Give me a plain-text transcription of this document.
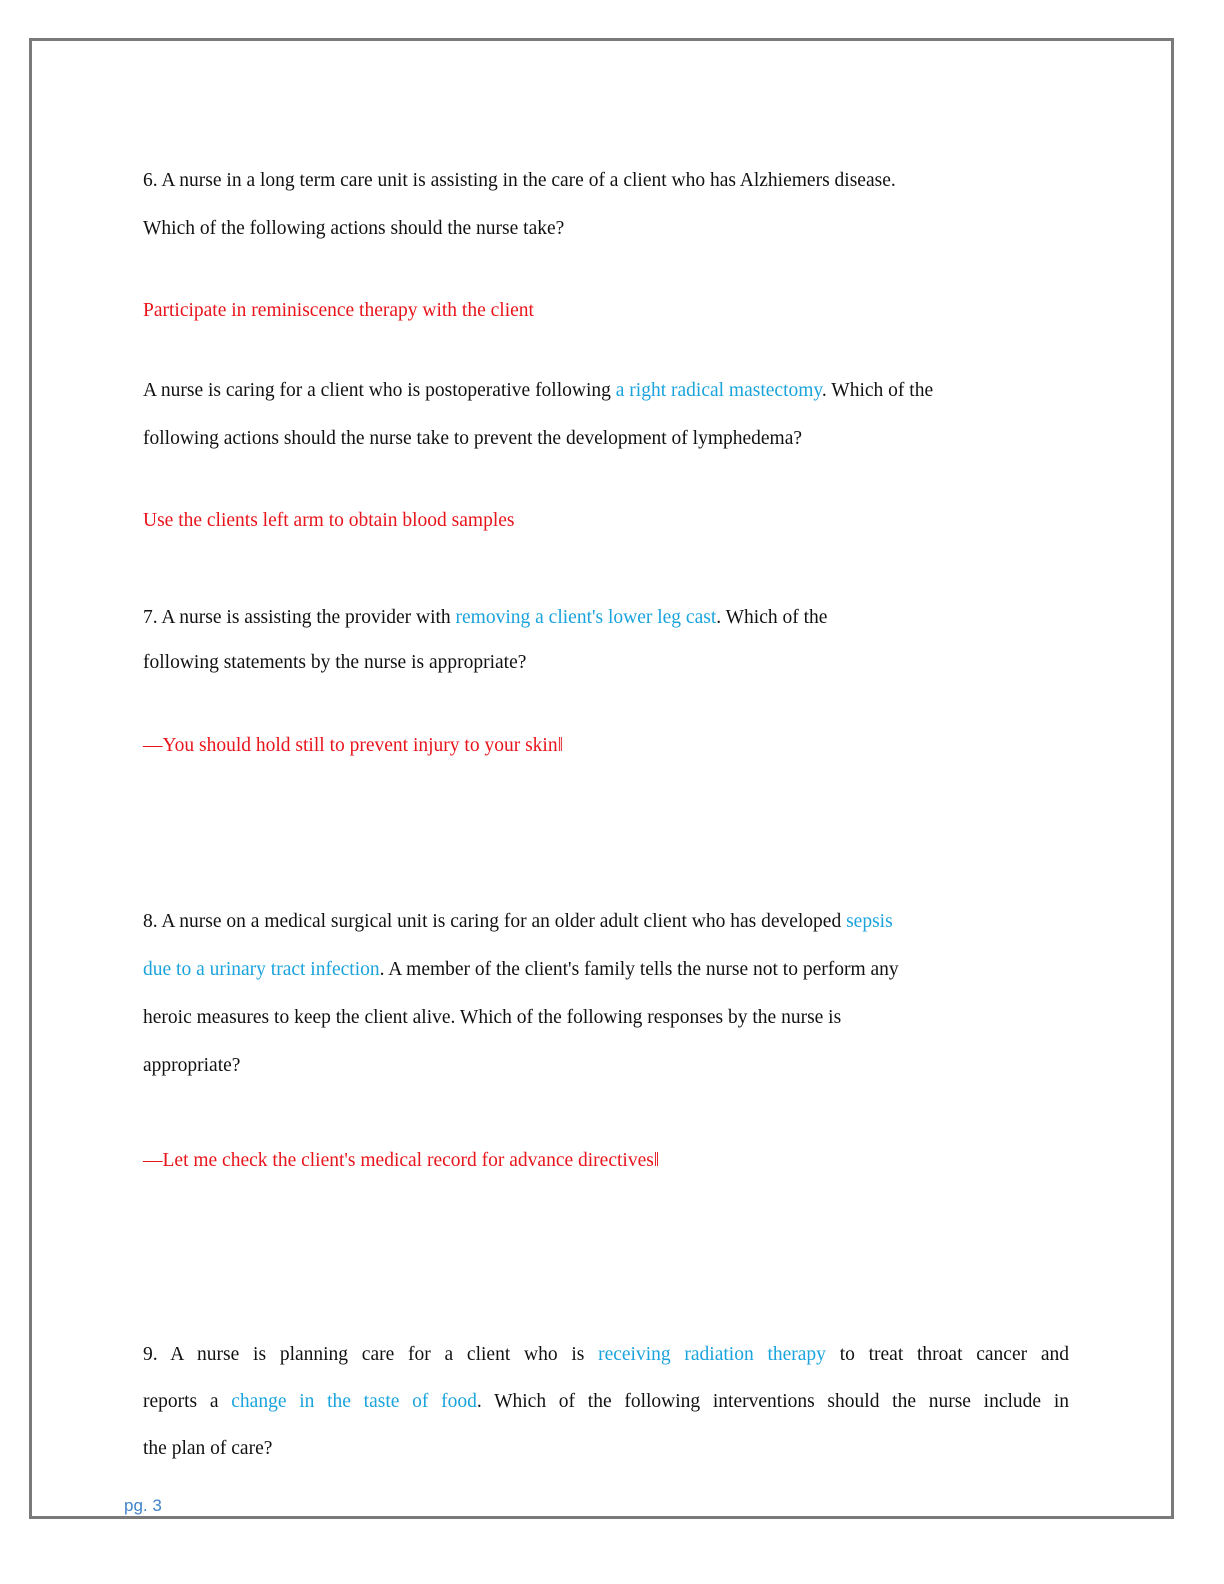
6. A nurse in a long term care unit is assisting in the care of a client who has Alzhiemers disease.
Which of the following actions should the nurse take?
Participate in reminiscence therapy with the client
A nurse is caring for a client who is postoperative following a right radical mastectomy. Which of the
following actions should the nurse take to prevent the development of lymphedema?
Use the clients left arm to obtain blood samples
7. A nurse is assisting the provider with removing a client's lower leg cast. Which of the
following statements by the nurse is appropriate?
—You should hold still to prevent injury to your skin‖
8. A nurse on a medical surgical unit is caring for an older adult client who has developed sepsis
due to a urinary tract infection. A member of the client's family tells the nurse not to perform any
heroic measures to keep the client alive. Which of the following responses by the nurse is
appropriate?
—Let me check the client's medical record for advance directives‖
9. A nurse is planning care for a client who is receiving radiation therapy to treat throat cancer and
reports a change in the taste of food. Which of the following interventions should the nurse include in
the plan of care?
pg. 3
